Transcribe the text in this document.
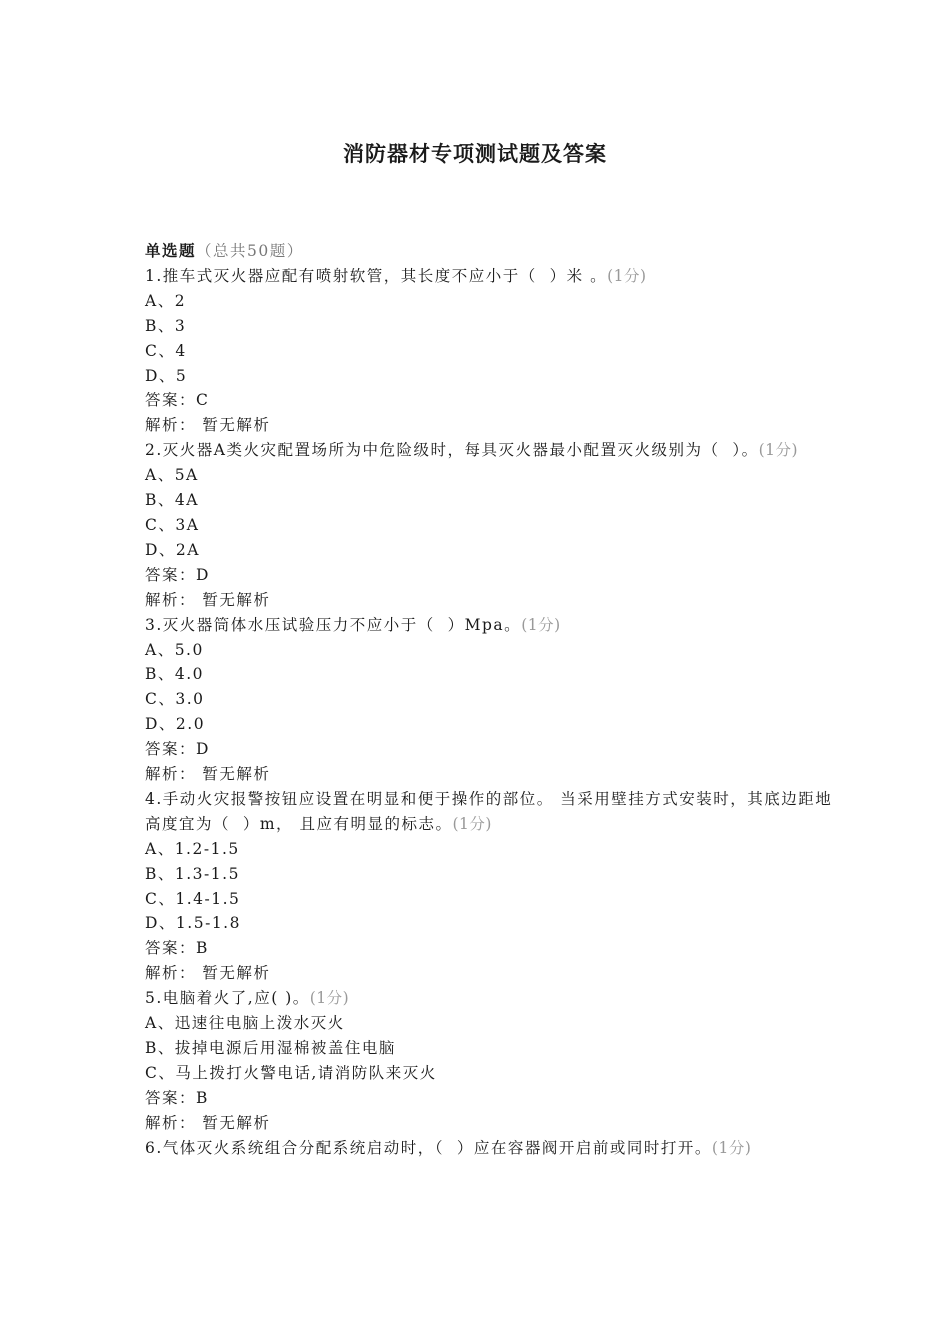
消防器材专项测试题及答案
单选题（总共50题）
1.推车式灭火器应配有喷射软管，其长度不应小于（  ）米 。(1分)
A、2
B、3
C、4
D、5
答案：C
解析： 暂无解析
2.灭火器A类火灾配置场所为中危险级时，每具灭火器最小配置灭火级别为（  ）。(1分)
A、5A
B、4A
C、3A
D、2A
答案：D
解析： 暂无解析
3.灭火器筒体水压试验压力不应小于（  ）Mpa。(1分)
A、5.0
B、4.0
C、3.0
D、2.0
答案：D
解析： 暂无解析
4.手动火灾报警按钮应设置在明显和便于操作的部位。 当采用壁挂方式安装时，其底边距地高度宜为（  ）m， 且应有明显的标志。(1分)
A、1.2-1.5
B、1.3-1.5
C、1.4-1.5
D、1.5-1.8
答案：B
解析： 暂无解析
5.电脑着火了,应( )。(1分)
A、迅速往电脑上泼水灭火
B、拔掉电源后用湿棉被盖住电脑
C、马上拨打火警电话,请消防队来灭火
答案：B
解析： 暂无解析
6.气体灭火系统组合分配系统启动时，（  ）应在容器阀开启前或同时打开。(1分)
